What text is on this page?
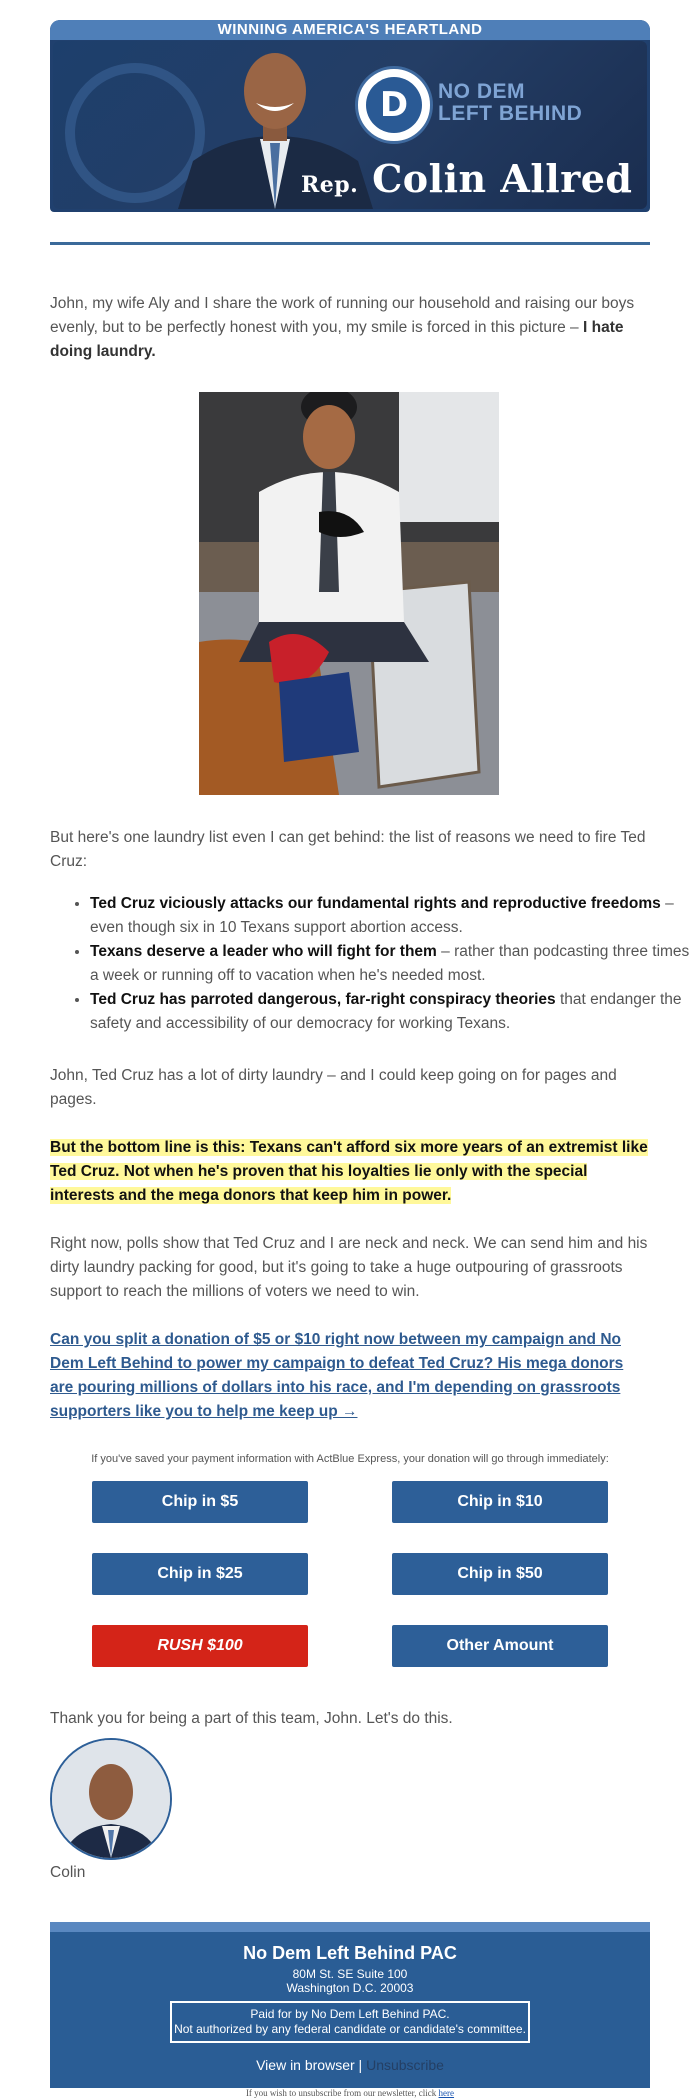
WINNING AMERICA'S HEARTLAND
D	NO DEM
LEFT BEHIND
Rep. Colin Allred

John, my wife Aly and I share the work of running our household and raising our boys evenly, but to be perfectly honest with you, my smile is forced in this picture – I hate doing laundry.

But here's one laundry list even I can get behind: the list of reasons we need to fire Ted Cruz:

• Ted Cruz viciously attacks our fundamental rights and reproductive freedoms – even though six in 10 Texans support abortion access.
• Texans deserve a leader who will fight for them – rather than podcasting three times a week or running off to vacation when he's needed most.
• Ted Cruz has parroted dangerous, far-right conspiracy theories that endanger the safety and accessibility of our democracy for working Texans.

John, Ted Cruz has a lot of dirty laundry – and I could keep going on for pages and pages.

But the bottom line is this: Texans can't afford six more years of an extremist like Ted Cruz. Not when he's proven that his loyalties lie only with the special interests and the mega donors that keep him in power.

Right now, polls show that Ted Cruz and I are neck and neck. We can send him and his dirty laundry packing for good, but it's going to take a huge outpouring of grassroots support to reach the millions of voters we need to win.

Can you split a donation of $5 or $10 right now between my campaign and No Dem Left Behind to power my campaign to defeat Ted Cruz? His mega donors are pouring millions of dollars into his race, and I'm depending on grassroots supporters like you to help me keep up →
If you've saved your payment information with ActBlue Express, your donation will go through immediately:
Chip in $5	Chip in $10
Chip in $25	Chip in $50
RUSH $100	Other Amount
Thank you for being a part of this team, John. Let's do this.
Colin
No Dem Left Behind PAC
80M St. SE Suite 100
Washington D.C. 20003
Paid for by No Dem Left Behind PAC.
Not authorized by any federal candidate or candidate's committee.
View in browser | Unsubscribe
If you wish to unsubscribe from our newsletter, click here
